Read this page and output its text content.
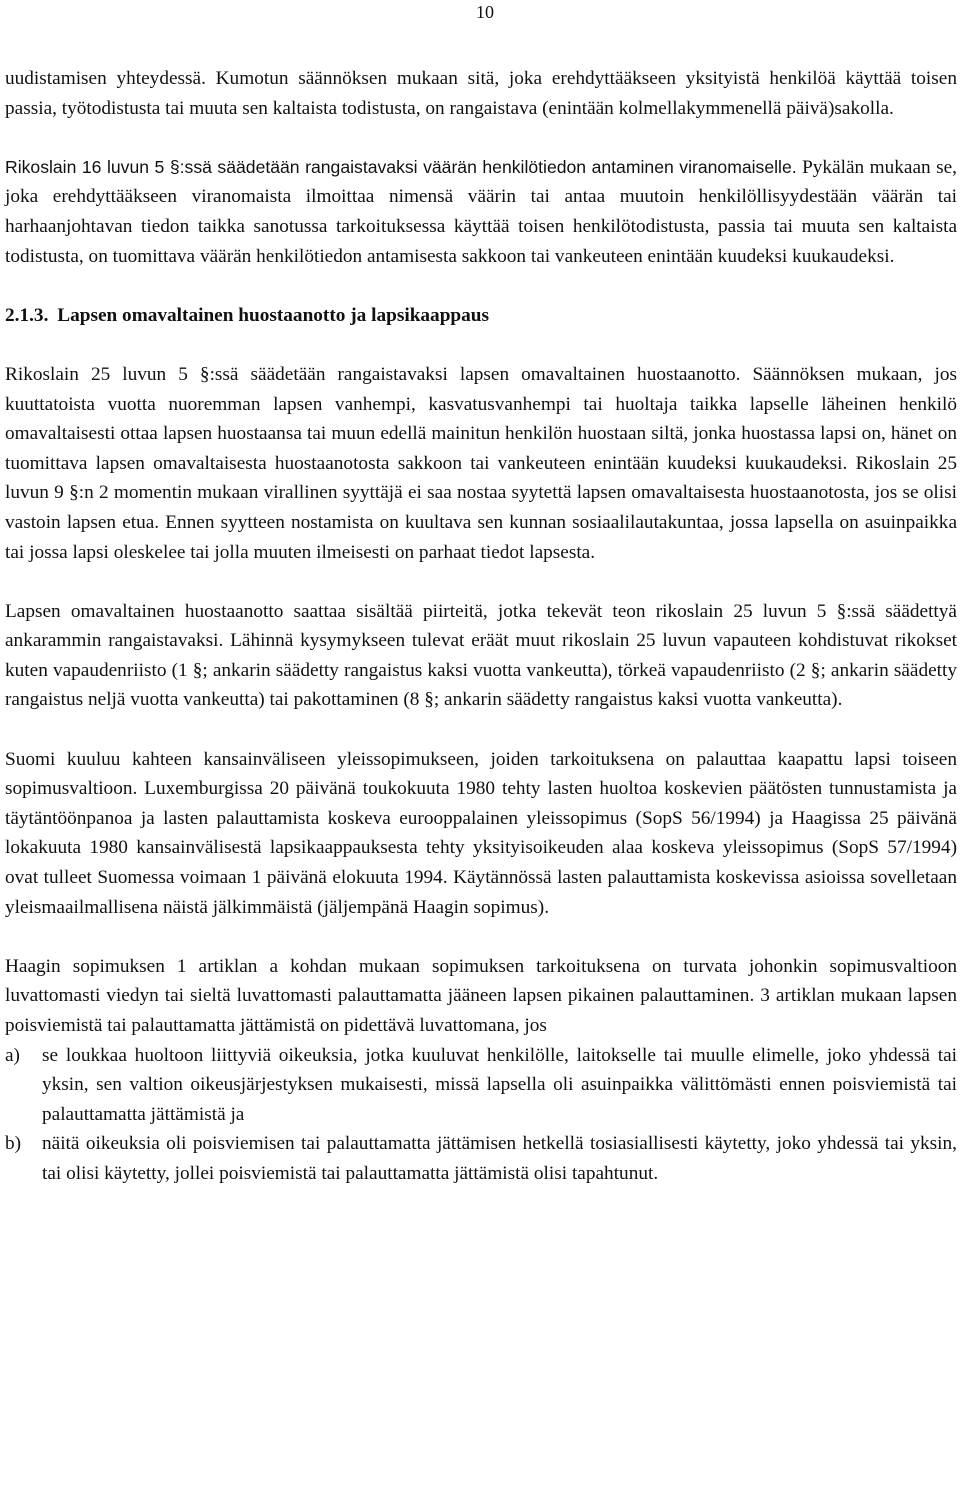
10

uudistamisen yhteydessä. Kumotun säännöksen mukaan sitä, joka erehdyttääkseen yksityistä henkilöä käyttää toisen passia, työtodistusta tai muuta sen kaltaista todistusta, on rangaistava (enintään kolmellakymmenellä päivä)sakolla.

Rikoslain 16 luvun 5 §:ssä säädetään rangaistavaksi väärän henkilötiedon antaminen viranomaiselle. Pykälän mukaan se, joka erehdyttääkseen viranomaista ilmoittaa nimensä väärin tai antaa muutoin henkilöllisyydestään väärän tai harhaanjohtavan tiedon taikka sanotussa tarkoituksessa käyttää toisen henkilötodistusta, passia tai muuta sen kaltaista todistusta, on tuomittava väärän henkilötiedon antamisesta sakkoon tai vankeuteen enintään kuudeksi kuukaudeksi.

2.1.3. Lapsen omavaltainen huostaanotto ja lapsikaappaus

Rikoslain 25 luvun 5 §:ssä säädetään rangaistavaksi lapsen omavaltainen huostaanotto. Säännöksen mukaan, jos kuuttatoista vuotta nuoremman lapsen vanhempi, kasvatusvanhempi tai huoltaja taikka lapselle läheinen henkilö omavaltaisesti ottaa lapsen huostaansa tai muun edellä mainitun henkilön huostaan siltä, jonka huostassa lapsi on, hänet on tuomittava lapsen omavaltaisesta huostaanotosta sakkoon tai vankeuteen enintään kuudeksi kuukaudeksi. Rikoslain 25 luvun 9 §:n 2 momentin mukaan virallinen syyttäjä ei saa nostaa syytettä lapsen omavaltaisesta huostaanotosta, jos se olisi vastoin lapsen etua. Ennen syytteen nostamista on kuultava sen kunnan sosiaalilautakuntaa, jossa lapsella on asuinpaikka tai jossa lapsi oleskelee tai jolla muuten ilmeisesti on parhaat tiedot lapsesta.

Lapsen omavaltainen huostaanotto saattaa sisältää piirteitä, jotka tekevät teon rikoslain 25 luvun 5 §:ssä säädettyä ankarammin rangaistavaksi. Lähinnä kysymykseen tulevat eräät muut rikoslain 25 luvun vapauteen kohdistuvat rikokset kuten vapaudenriisto (1 §; ankarin säädetty rangaistus kaksi vuotta vankeutta), törkeä vapaudenriisto (2 §; ankarin säädetty rangaistus neljä vuotta vankeutta) tai pakottaminen (8 §; ankarin säädetty rangaistus kaksi vuotta vankeutta).

Suomi kuuluu kahteen kansainväliseen yleissopimukseen, joiden tarkoituksena on palauttaa kaapattu lapsi toiseen sopimusvaltioon. Luxemburgissa 20 päivänä toukokuuta 1980 tehty lasten huoltoa koskevien päätösten tunnustamista ja täytäntöönpanoa ja lasten palauttamista koskeva eurooppalainen yleissopimus (SopS 56/1994) ja Haagissa 25 päivänä lokakuuta 1980 kansainvälisestä lapsikaappauksesta tehty yksityisoikeuden alaa koskeva yleissopimus (SopS 57/1994) ovat tulleet Suomessa voimaan 1 päivänä elokuuta 1994. Käytännössä lasten palauttamista koskevissa asioissa sovelletaan yleismaailmallisena näistä jälkimmäistä (jäljempänä Haagin sopimus).

Haagin sopimuksen 1 artiklan a kohdan mukaan sopimuksen tarkoituksena on turvata johonkin sopimusvaltioon luvattomasti viedyn tai sieltä luvattomasti palauttamatta jääneen lapsen pikainen palauttaminen. 3 artiklan mukaan lapsen poisviemistä tai palauttamatta jättämistä on pidettävä luvattomana, jos

a) se loukkaa huoltoon liittyviä oikeuksia, jotka kuuluvat henkilölle, laitokselle tai muulle elimelle, joko yhdessä tai yksin, sen valtion oikeusjärjestyksen mukaisesti, missä lapsella oli asuinpaikka välittömästi ennen poisviemistä tai palauttamatta jättämistä ja
b) näitä oikeuksia oli poisviemisen tai palauttamatta jättämisen hetkellä tosiasiallisesti käytetty, joko yhdessä tai yksin, tai olisi käytetty, jollei poisviemistä tai palauttamatta jättämistä olisi tapahtunut.
